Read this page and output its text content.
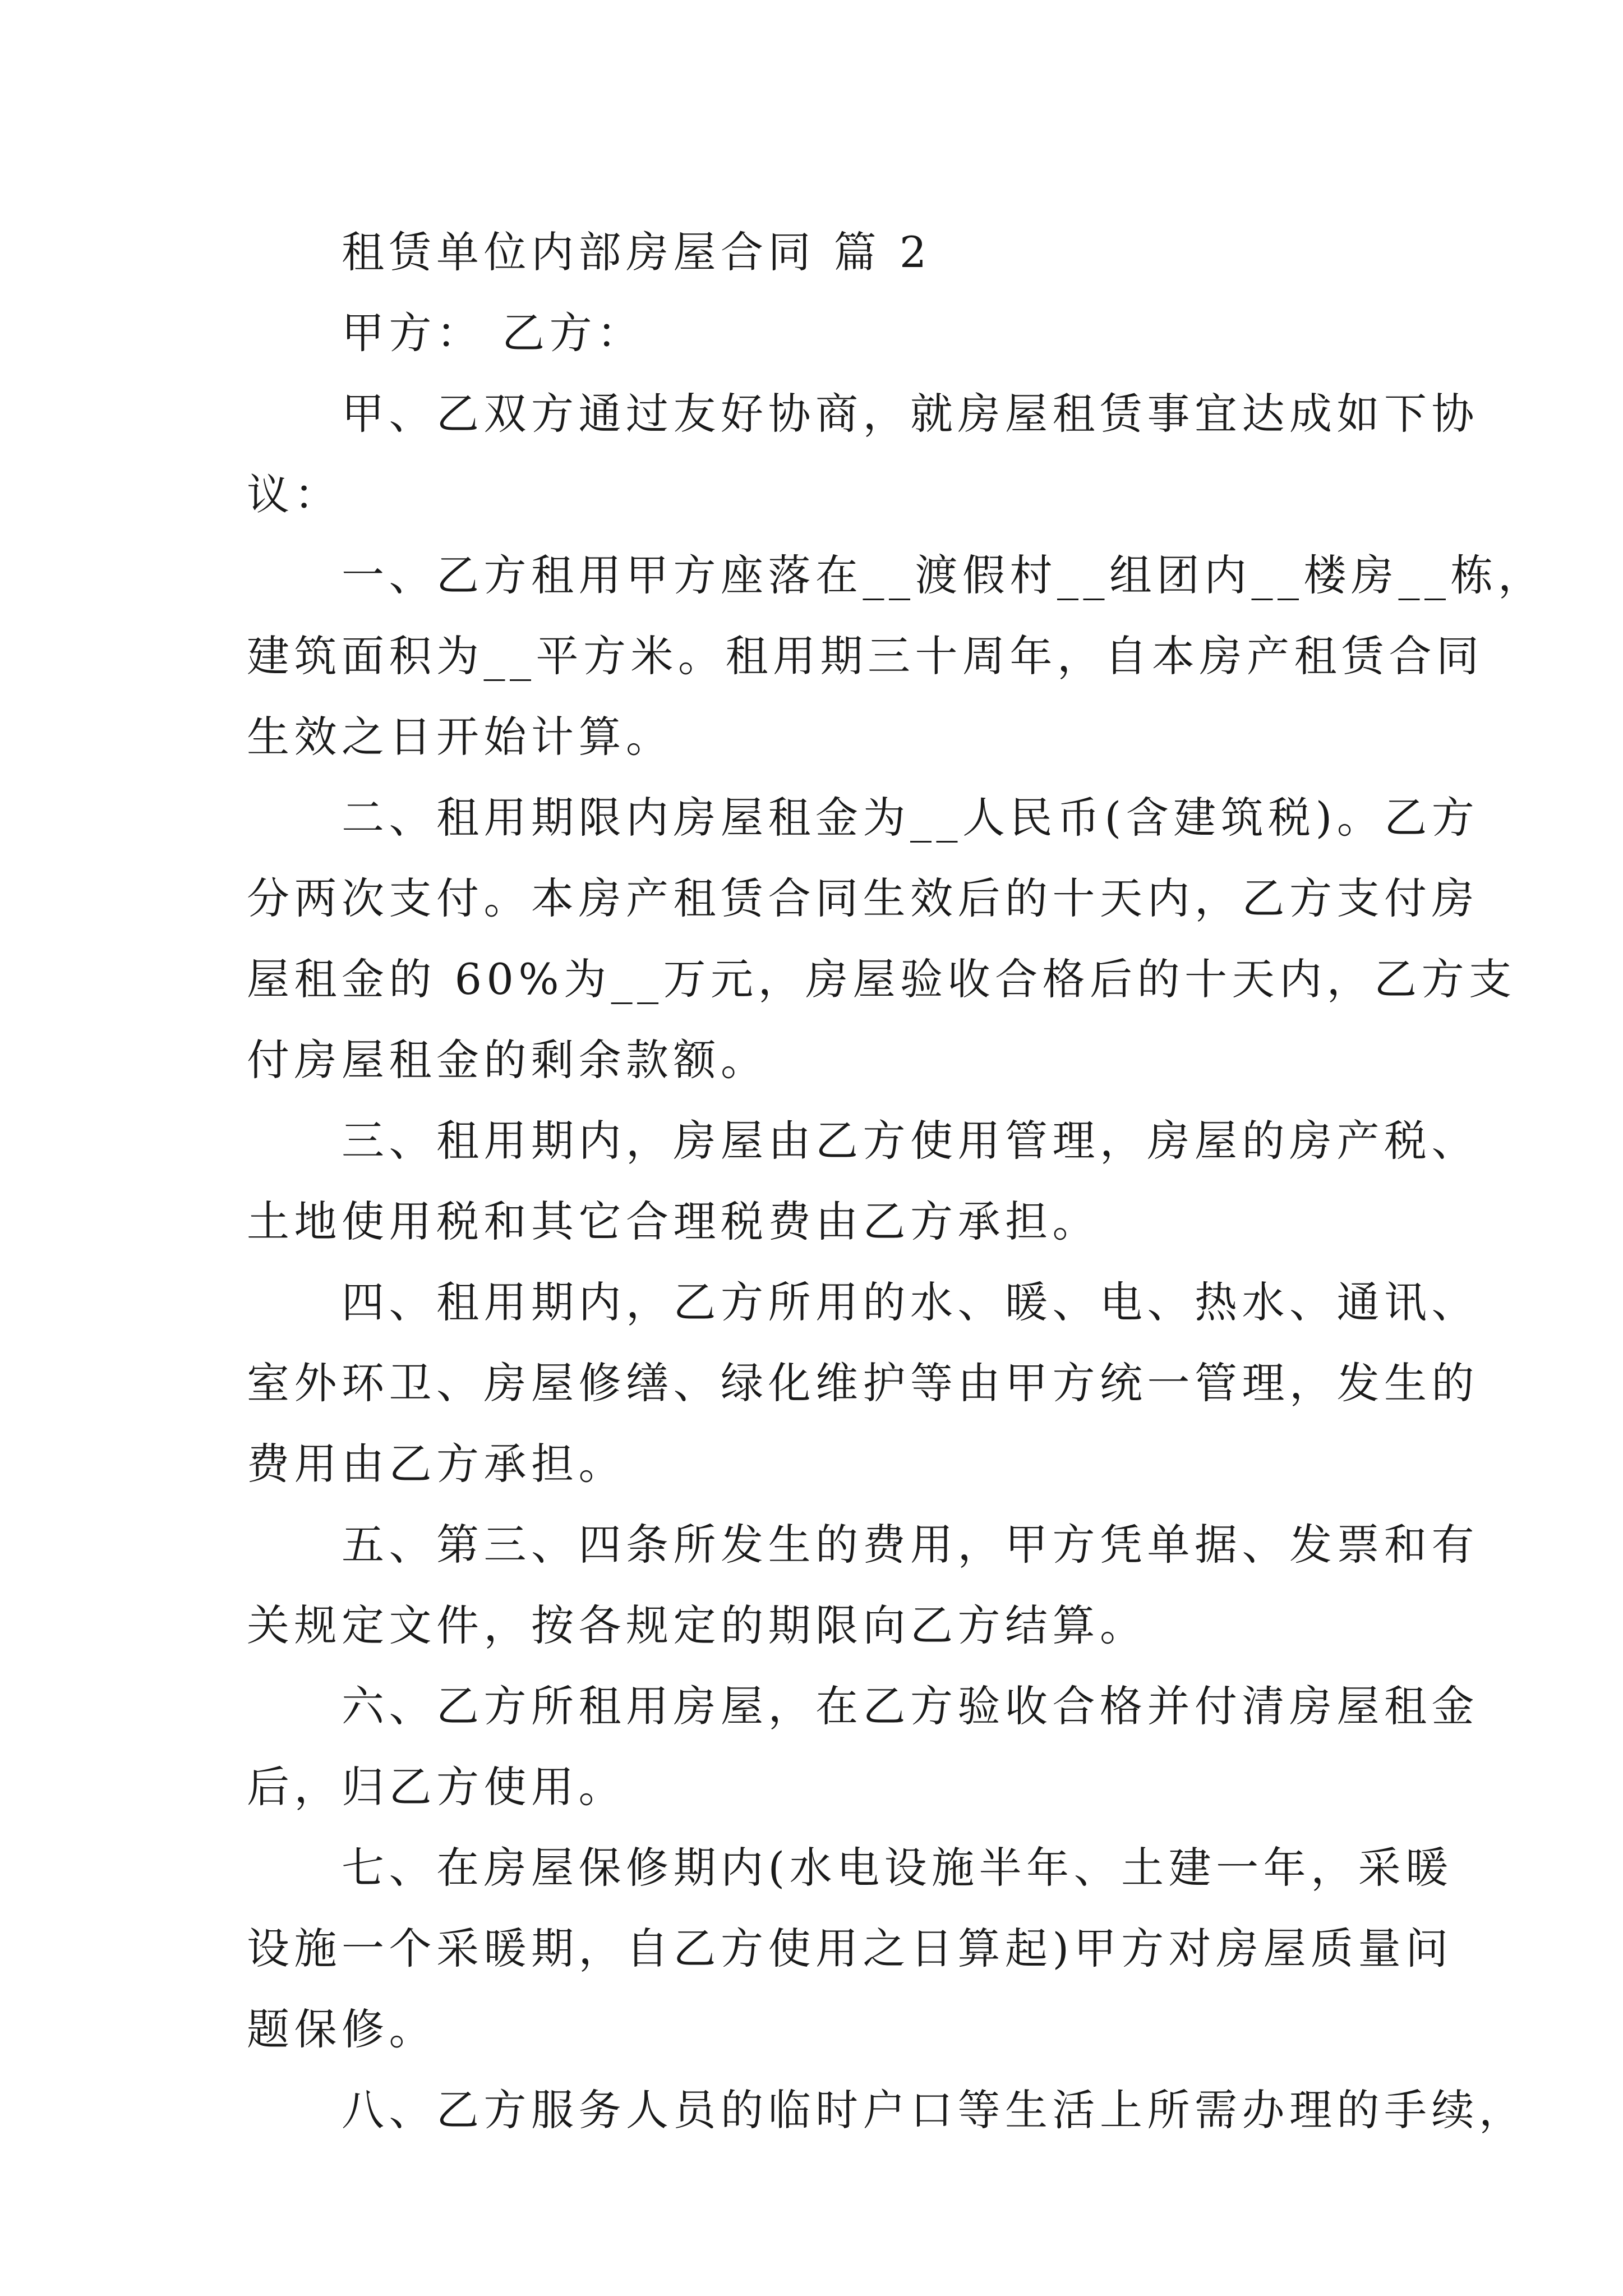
　　租赁单位内部房屋合同 篇 2
　　甲方： 乙方：
　　甲、乙双方通过友好协商，就房屋租赁事宜达成如下协
议：
　　一、乙方租用甲方座落在__渡假村__组团内__楼房__栋，
建筑面积为__平方米。租用期三十周年，自本房产租赁合同
生效之日开始计算。
　　二、租用期限内房屋租金为__人民币(含建筑税)。乙方
分两次支付。本房产租赁合同生效后的十天内，乙方支付房
屋租金的 60%为__万元，房屋验收合格后的十天内，乙方支
付房屋租金的剩余款额。
　　三、租用期内，房屋由乙方使用管理，房屋的房产税、
土地使用税和其它合理税费由乙方承担。
　　四、租用期内，乙方所用的水、暖、电、热水、通讯、
室外环卫、房屋修缮、绿化维护等由甲方统一管理，发生的
费用由乙方承担。
　　五、第三、四条所发生的费用，甲方凭单据、发票和有
关规定文件，按各规定的期限向乙方结算。
　　六、乙方所租用房屋，在乙方验收合格并付清房屋租金
后，归乙方使用。
　　七、在房屋保修期内(水电设施半年、土建一年，采暖
设施一个采暖期，自乙方使用之日算起)甲方对房屋质量问
题保修。
　　八、乙方服务人员的临时户口等生活上所需办理的手续，
